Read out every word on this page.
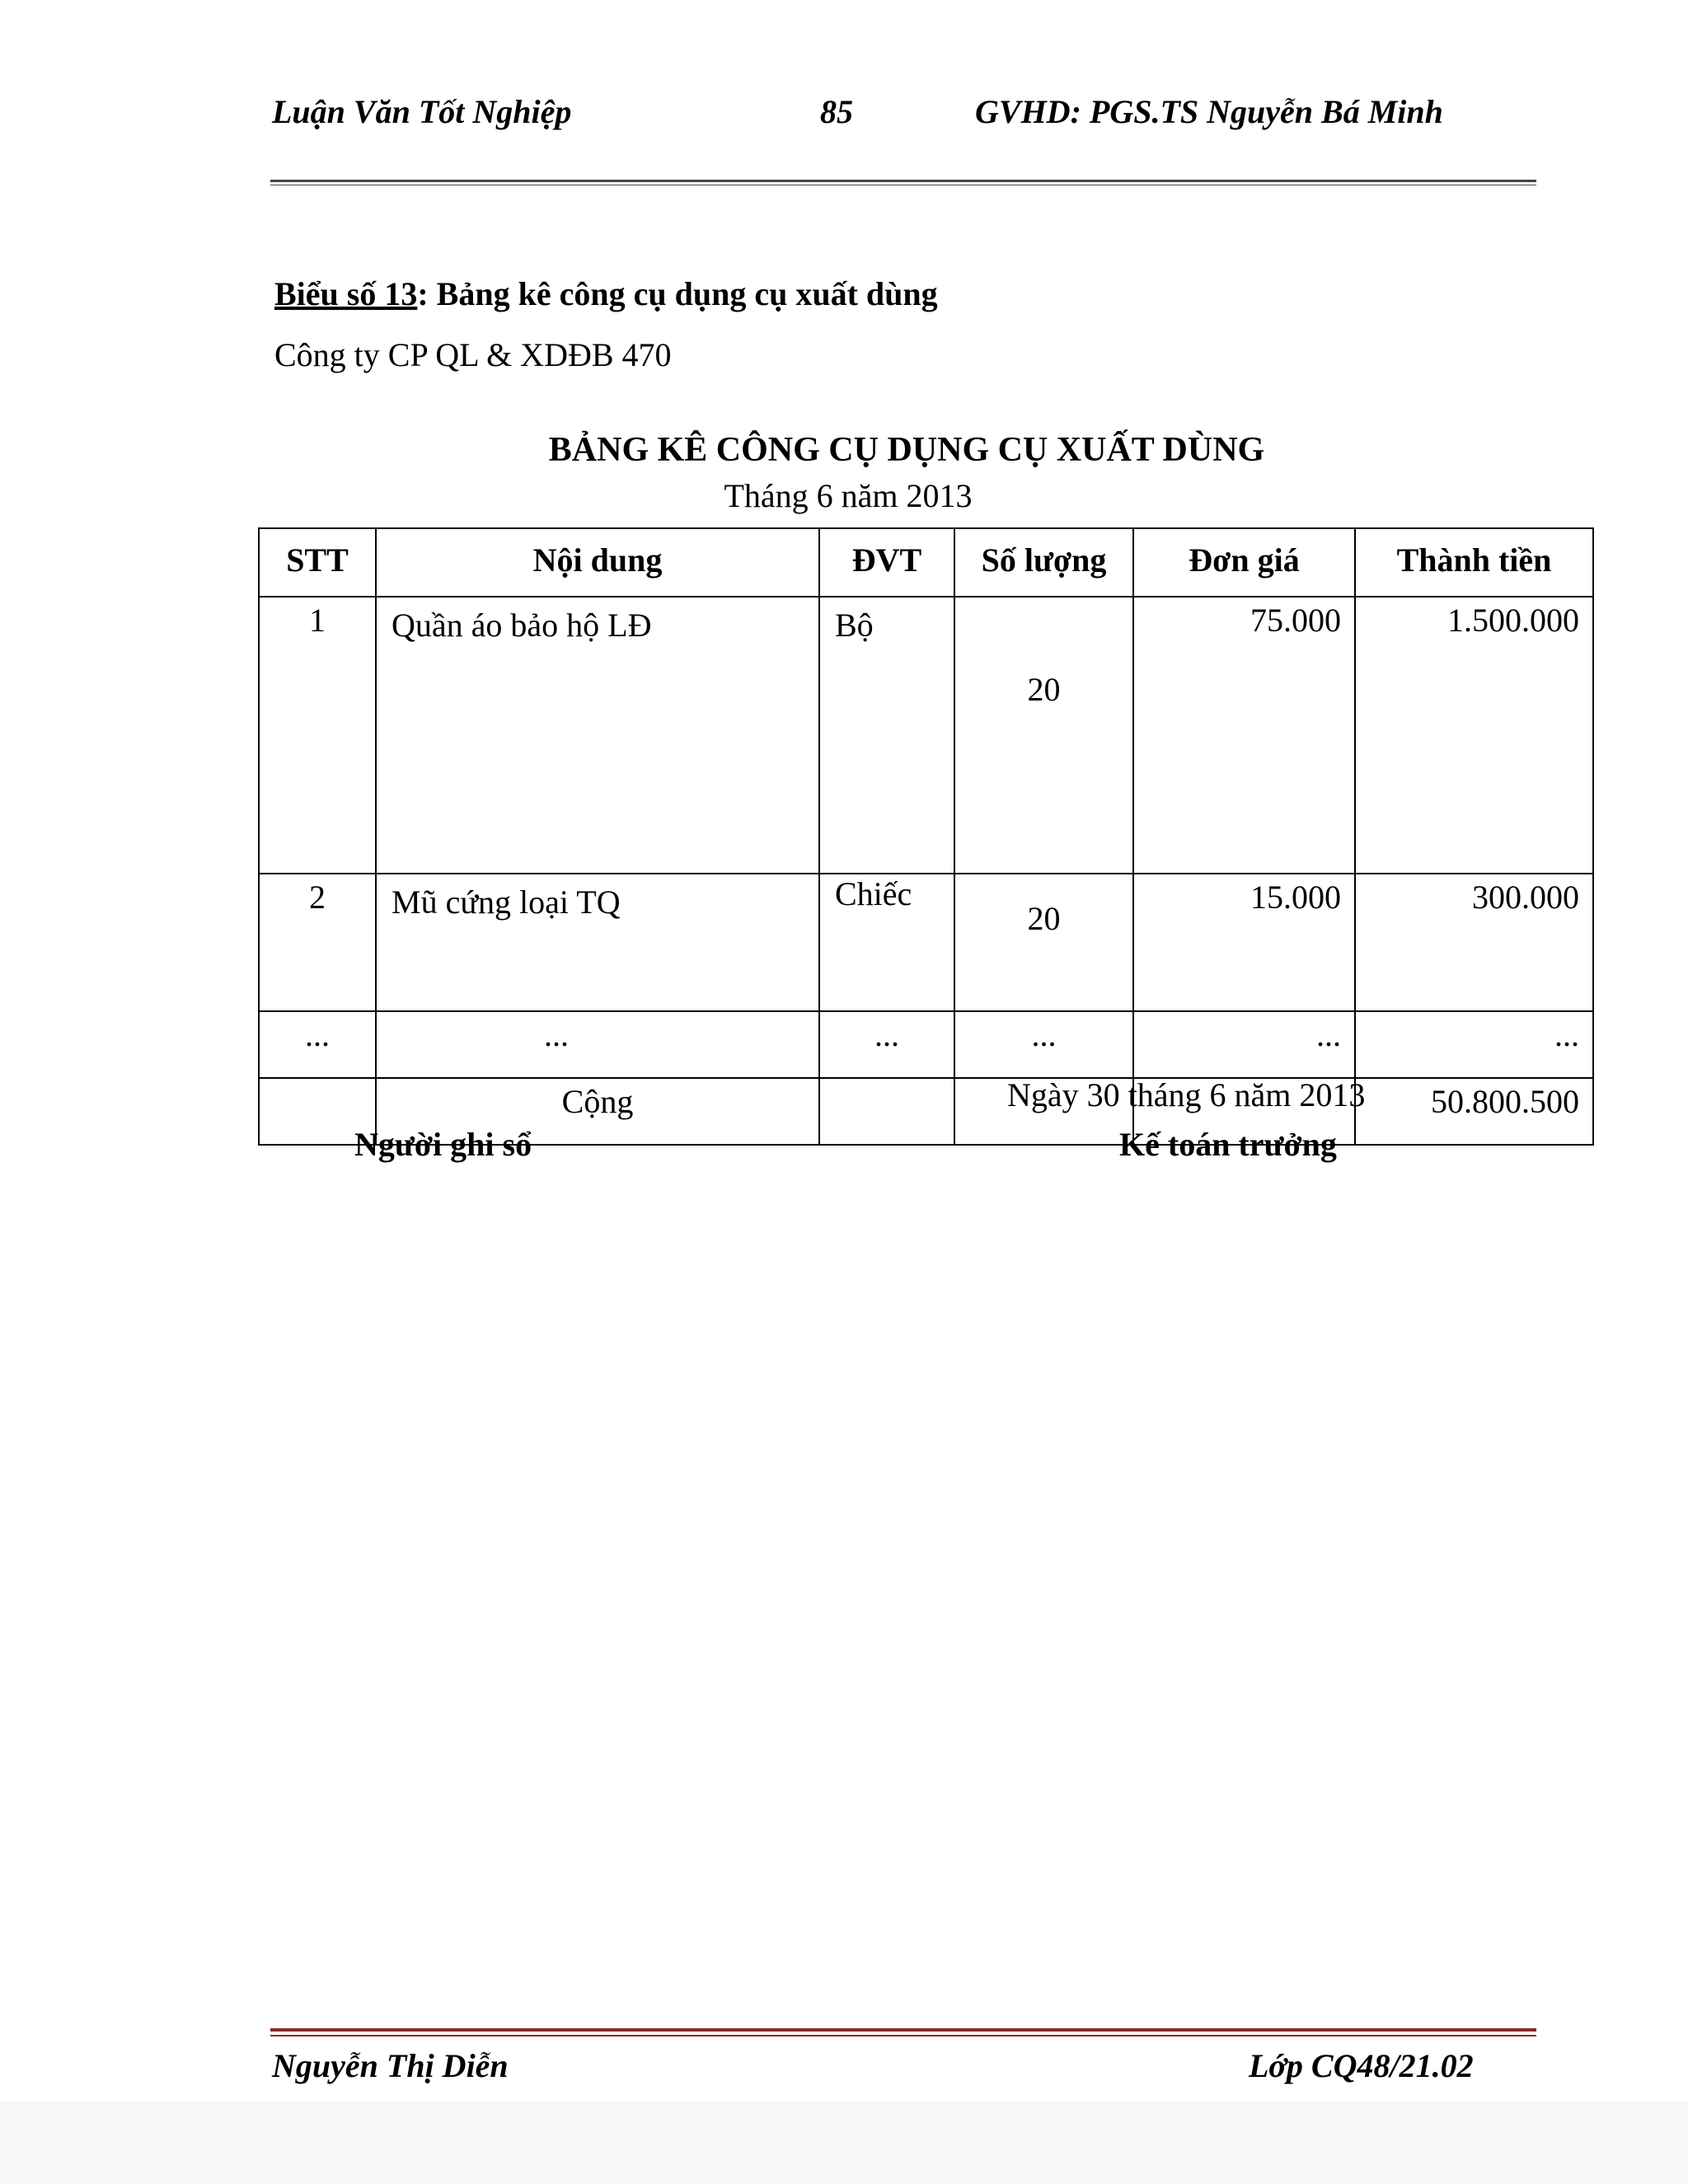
Luận Văn Tốt Nghiệp	85	GVHD: PGS.TS Nguyễn Bá Minh
Biểu số 13: Bảng kê công cụ dụng cụ xuất dùng
Công ty CP QL & XDĐB 470
BẢNG KÊ CÔNG CỤ DỤNG CỤ XUẤT DÙNG
Tháng 6 năm 2013
STT	Nội dung	ĐVT	Số lượng	Đơn giá	Thành tiền
1	Quần áo bảo hộ LĐ	Bộ	20	75.000	1.500.000
2	Mũ cứng loại TQ	Chiếc	20	15.000	300.000
...	...	...	...	...	...
	Cộng				50.800.500
Ngày 30 tháng 6 năm 2013
Người ghi sổ	Kế toán trưởng
Nguyễn Thị Diễn	Lớp CQ48/21.02
